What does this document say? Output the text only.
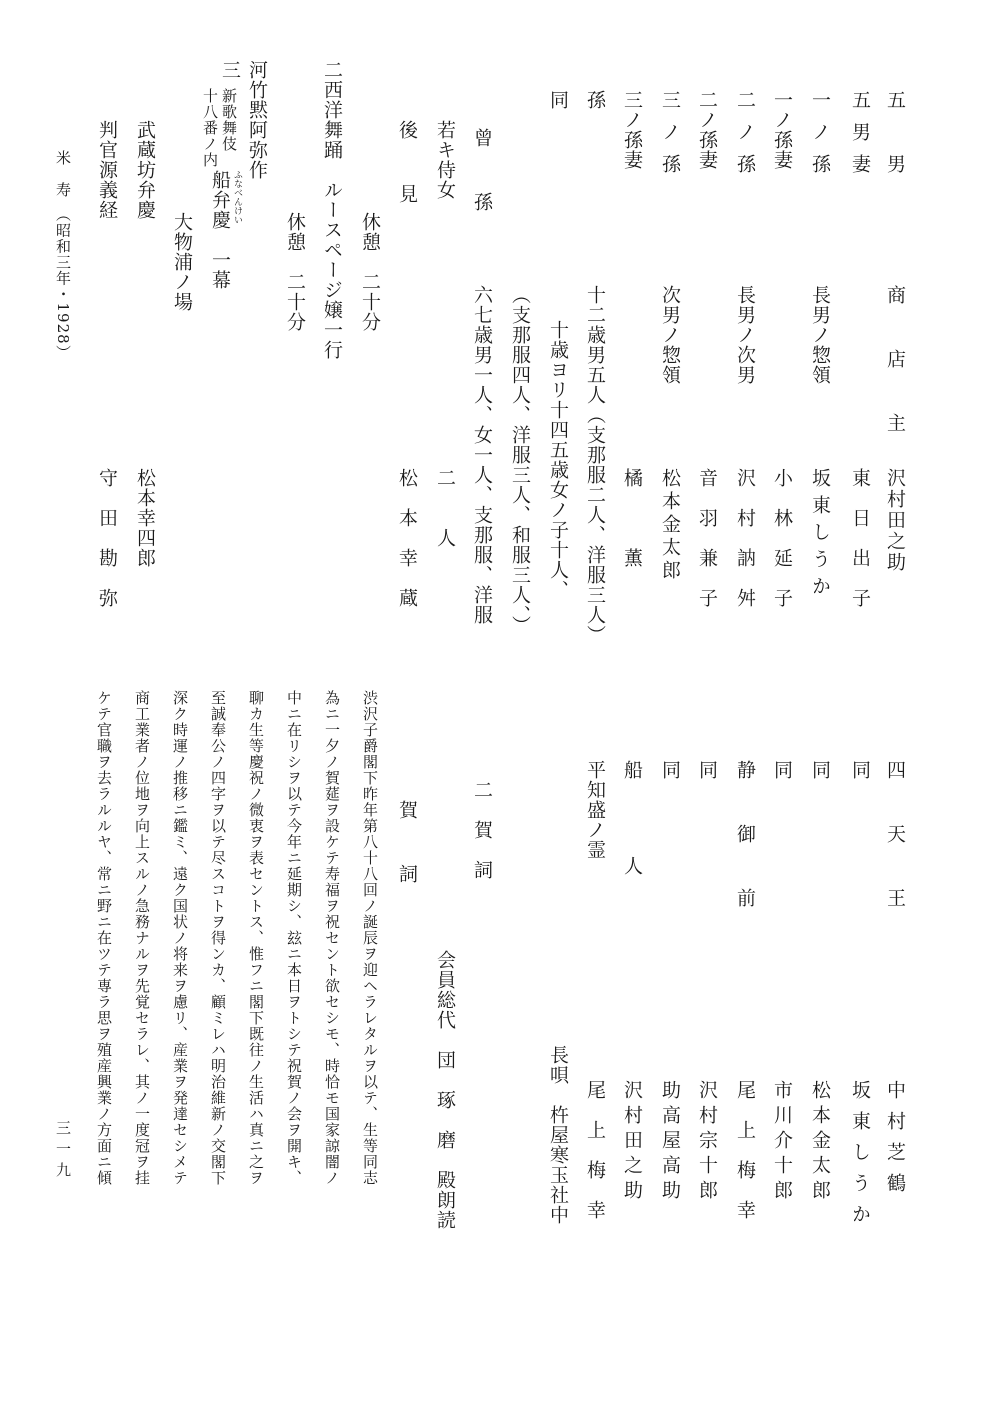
五　男
五男妻
一ノ孫
一ノ孫妻
二ノ孫
二ノ孫妻
三ノ孫
三ノ孫妻
孫
同
曾　孫
若キ侍女
後　見
商　店　主
長男ノ惣領
長男ノ次男
次男ノ惣領
十二歳男五人（支那服二人、洋服三人）
十歳ヨリ十四五歳女ノ子十人、
（支那服四人、洋服三人、和服三人、）
六七歳男一人、女一人、支那服、洋服	沢村田之助
東　日　出　子
坂東しうか
小　林　延　子
沢　村　訥　舛
音　羽　兼　子
松本金太郎
橘　　　薫
二　　人
松　本　幸　蔵
休憩　二十分
二西洋舞踊　ルースページ嬢一行
休憩　二十分
河竹黙阿弥作
三
新歌舞伎
十八番ノ内
ふなべんけい
船弁慶　一幕
大物浦ノ場
武蔵坊弁慶
松本幸四郎
判官源義経
守　田　勘　弥
米　寿　（昭和三年・1928）
四　天　王
同
同
同
静　御　前
同
同
船　　人
平知盛ノ霊
中村芝鶴
坂東しうか
松本金太郎
市川介十郎
尾　上　梅　幸
沢村宗十郎
助高屋高助
沢村田之助
尾　上　梅　幸
長唄　杵屋寒玉社中
二　賀　詞
会員総代　団　琢　磨　殿朗読
賀　詞
渋沢子爵閣下昨年第八十八回ノ誕辰ヲ迎ヘラレタルヲ以テ、生等同志
為ニ一夕ノ賀莚ヲ設ケテ寿福ヲ祝セント欲セシモ、時恰モ国家諒闇ノ
中ニ在リシヲ以テ今年ニ延期シ、玆ニ本日ヲトシテ祝賀ノ会ヲ開キ、
聊カ生等慶祝ノ微衷ヲ表セントス、惟フニ閣下既往ノ生活ハ真ニ之ヲ
至誠奉公ノ四字ヲ以テ尽スコトヲ得ンカ、顧ミレハ明治維新ノ交閣下
深ク時運ノ推移ニ鑑ミ、遠ク国状ノ将来ヲ慮リ、産業ヲ発達セシメテ
商工業者ノ位地ヲ向上スルノ急務ナルヲ先覚セラレ、其ノ一度冠ヲ挂
ケテ官職ヲ去ラルルヤ、常ニ野ニ在ツテ専ラ思ヲ殖産興業ノ方面ニ傾
三一九
